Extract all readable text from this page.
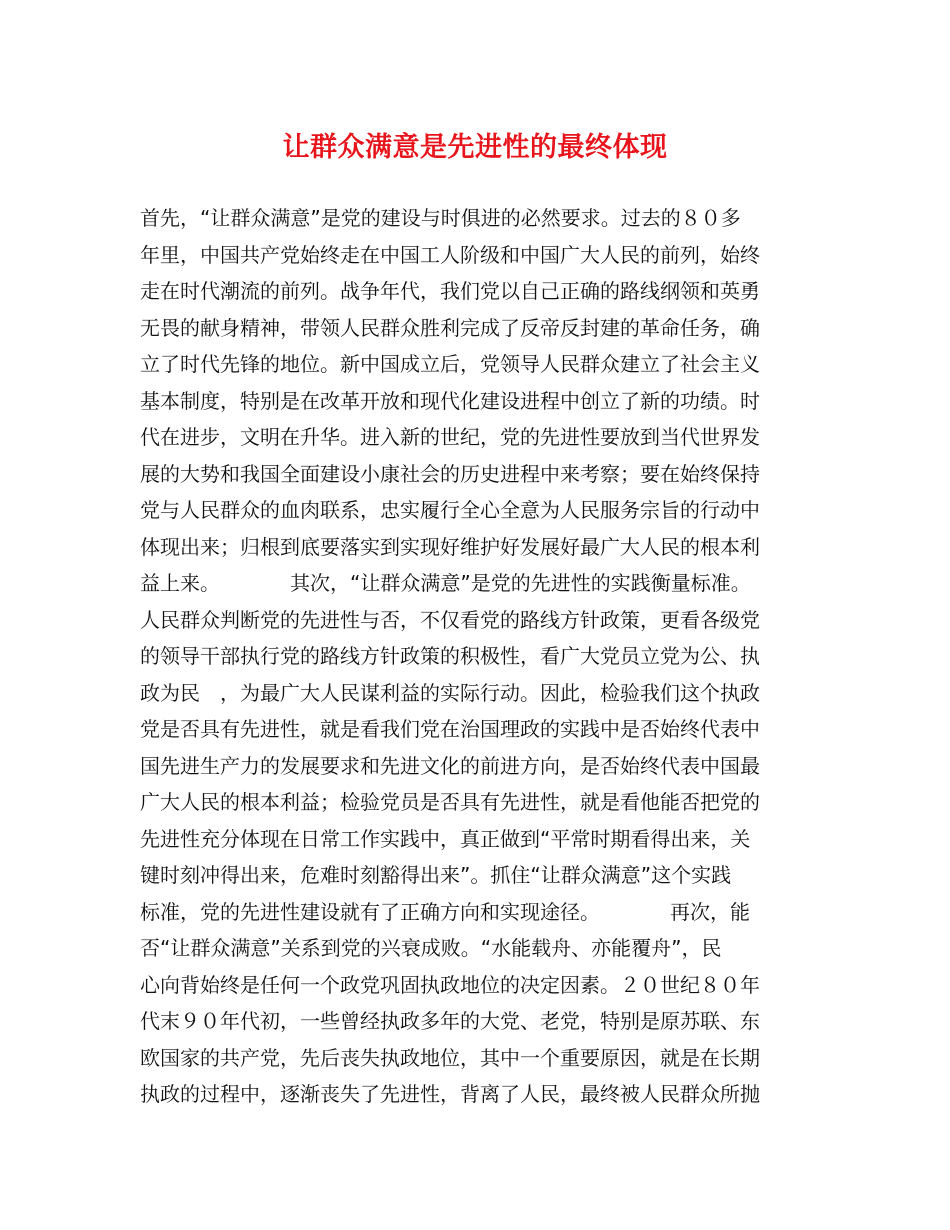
让群众满意是先进性的最终体现
首先，“让群众满意”是党的建设与时俱进的必然要求。过去的８０多
年里，中国共产党始终走在中国工人阶级和中国广大人民的前列，始终
走在时代潮流的前列。战争年代，我们党以自己正确的路线纲领和英勇
无畏的献身精神，带领人民群众胜利完成了反帝反封建的革命任务，确
立了时代先锋的地位。新中国成立后，党领导人民群众建立了社会主义
基本制度，特别是在改革开放和现代化建设进程中创立了新的功绩。时
代在进步，文明在升华。进入新的世纪，党的先进性要放到当代世界发
展的大势和我国全面建设小康社会的历史进程中来考察；要在始终保持
党与人民群众的血肉联系，忠实履行全心全意为人民服务宗旨的行动中
体现出来；归根到底要落实到实现好维护好发展好最广大人民的根本利
益上来。　　　　其次，“让群众满意”是党的先进性的实践衡量标准。
人民群众判断党的先进性与否，不仅看党的路线方针政策，更看各级党
的领导干部执行党的路线方针政策的积极性，看广大党员立党为公、执
政为民　，为最广大人民谋利益的实际行动。因此，检验我们这个执政
党是否具有先进性，就是看我们党在治国理政的实践中是否始终代表中
国先进生产力的发展要求和先进文化的前进方向，是否始终代表中国最
广大人民的根本利益；检验党员是否具有先进性，就是看他能否把党的
先进性充分体现在日常工作实践中，真正做到“平常时期看得出来，关
键时刻冲得出来，危难时刻豁得出来”。抓住“让群众满意”这个实践
标准，党的先进性建设就有了正确方向和实现途径。　　　　再次，能
否“让群众满意”关系到党的兴衰成败。“水能载舟、亦能覆舟”，民
心向背始终是任何一个政党巩固执政地位的决定因素。２０世纪８０年
代末９０年代初，一些曾经执政多年的大党、老党，特别是原苏联、东
欧国家的共产党，先后丧失执政地位，其中一个重要原因，就是在长期
执政的过程中，逐渐丧失了先进性，背离了人民，最终被人民群众所抛
